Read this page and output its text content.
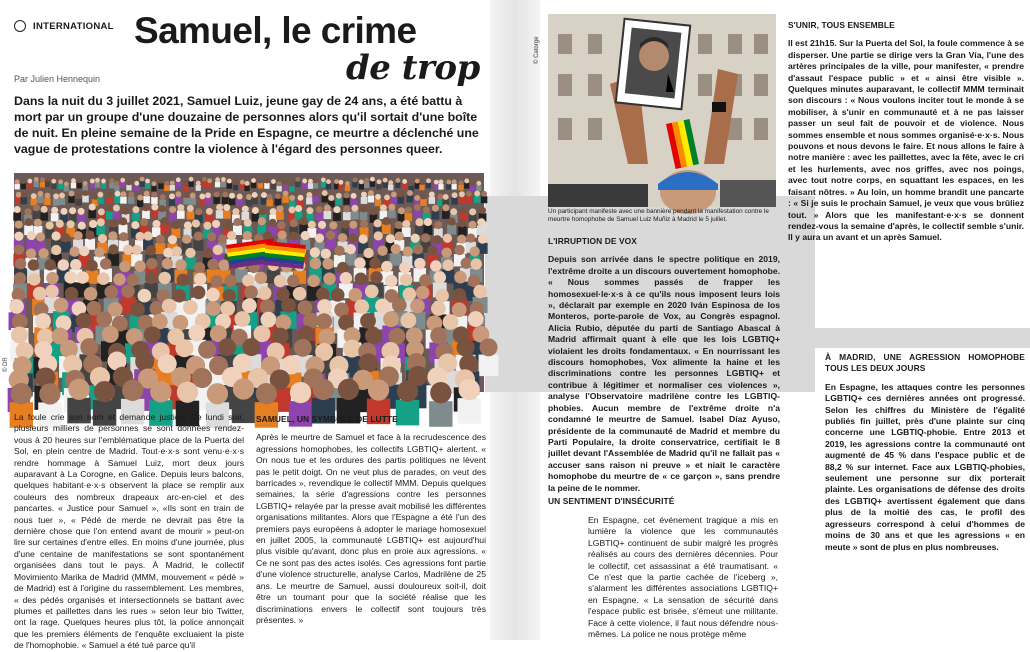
INTERNATIONAL Samuel, le crime
de trop
Par Julien Hennequin

Dans la nuit du 3 juillet 2021, Samuel Luiz, jeune gay de 24 ans, a été battu à mort par un groupe d'une douzaine de personnes alors qu'il sortait d'une boîte de nuit. En pleine semaine de la Pride en Espagne, ce meurtre a déclenché une vague de protestations contre la violence à l'égard des personnes queer.

© DR

La foule crie son nom et demande justice. Ce lundi soir, plusieurs milliers de personnes se sont données rendez-vous à 20 heures sur l'emblématique place de la Puerta del Sol, en plein centre de Madrid. Tout·e·x·s sont venu·e·x·s rendre hommage à Samuel Luiz, mort deux jours auparavant à La Corogne, en Galice. Depuis leurs balcons, quelques habitant·e·x·s observent la place se remplir aux couleurs des nombreux drapeaux arc-en-ciel et des pancartes. « Justice pour Samuel », «Ils sont en train de nous tuer », « Pédé de merde ne devrait pas être la dernière chose que l'on entend avant de mourir » peut-on lire sur certaines d'entre elles. En moins d'une journée, plus d'une centaine de manifestations se sont spontanément organisées dans tout le pays. À Madrid, le collectif Movimiento Marika de Madrid (MMM, mouvement « pédé » de Madrid) est à l'origine du rassemblement. Les membres, « des pédés organisés et intersectionnels se battant avec plumes et paillettes dans les rues » selon leur bio Twitter, ont la rage. Quelques heures plus tôt, la police annonçait que les premiers éléments de l'enquête excluaient la piste de l'homophobie. « Samuel a été tué parce qu'il

SAMUEL, UN SYMBOLE DE LUTTE

Après le meurtre de Samuel et face à la recrudescence des agressions homophobes, les collectifs LGBTIQ+ alertent. « On nous tue et les ordures des partis politiques ne lèvent pas le petit doigt. On ne veut plus de parades, on veut des barricades », revendique le collectif MMM. Depuis quelques semaines, la série d'agressions contre les personnes LGBTIQ+ relayée par la presse avait mobilisé les différentes organisations militantes. Alors que l'Espagne a été l'un des premiers pays européens à adopter le mariage homosexuel en juillet 2005, la communauté LGBTIQ+ est aujourd'hui plus visible qu'avant, donc plus en proie aux agressions. « Ce ne sont pas des actes isolés. Ces agressions font partie d'une violence structurelle, analyse Carlos, Madrilène de 25 ans. Le meurtre de Samuel, aussi douloureux soit-il, doit être un tournant pour que la société réalise que les discriminations envers le collectif sont toujours très présentes. »

© Catorge
Un participant manifeste avec une bannière pendant la manifestation contre le meurtre homophobe de Samuel Luiz Muñiz à Madrid le 5 juillet.
L'IRRUPTION DE VOX

Depuis son arrivée dans le spectre politique en 2019, l'extrême droite a un discours ouvertement homophobe. « Nous sommes passés de frapper les homosexuel·le·x·s à ce qu'ils nous imposent leurs lois », déclarait par exemple en 2020 Iván Espinosa de los Monteros, porte-parole de Vox, au Congrès espagnol. Alicia Rubio, députée du parti de Santiago Abascal à Madrid affirmait quant à elle que les lois LGBTIQ+ violaient les droits fondamentaux. « En nourrissant les discours homophobes, Vox alimente la haine et les discriminations contre les personnes LGBTIQ+ et contribue à légitimer et normaliser ces violences », analyse l'Observatoire madrilène contre les LGBTIQ-phobies. Aucun membre de l'extrême droite n'a condamné le meurtre de Samuel. Isabel Díaz Ayuso, présidente de la communauté de Madrid et membre du Parti Populaire, la droite conservatrice, certifiait le 8 juillet devant l'Assemblée de Madrid qu'il ne fallait pas « accuser sans raison ni preuve » et niait le caractère homophobe du meurtre de « ce garçon », sans prendre la peine de le nommer.

UN SENTIMENT D'INSÉCURITÉ

En Espagne, cet événement tragique a mis en lumière la violence que les communautés LGBTIQ+ continuent de subir malgré les progrès réalisés au cours des dernières décennies. Pour le collectif, cet assassinat a été traumatisant. « Ce n'est que la partie cachée de l'iceberg », s'alarment les différentes associations LGBTIQ+ en Espagne. « La sensation de sécurité dans l'espace public est brisée, s'émeut une militante. Face à cette violence, il faut nous défendre nous-mêmes. La police ne nous protège même

S'UNIR, TOUS ENSEMBLE

Il est 21h15. Sur la Puerta del Sol, la foule commence à se disperser. Une partie se dirige vers la Gran Vía, l'une des artères principales de la ville, pour manifester, « prendre d'assaut l'espace public » et « ainsi être visible ». Quelques minutes auparavant, le collectif MMM terminait son discours : « Nous voulons inciter tout le monde à se mobiliser, à s'unir en communauté et à ne pas laisser passer un seul fait de pouvoir et de violence. Nous sommes ensemble et nous sommes organisé·e·x·s. Nous pouvons et nous devons le faire. Et nous allons le faire à notre manière : avec les paillettes, avec la fête, avec le cri et les hurlements, avec nos griffes, avec nos poings, avec tout notre corps, en squattant les espaces, en les faisant nôtres. » Au loin, un homme brandit une pancarte : « Si je suis le prochain Samuel, je veux que vous brûliez tout. » Alors que les manifestant·e·x·s se donnent rendez-vous la semaine d'après, le collectif semble s'unir. Il y aura un avant et un après Samuel.

À MADRID, UNE AGRESSION HOMOPHOBE TOUS LES DEUX JOURS

En Espagne, les attaques contre les personnes LGBTIQ+ ces dernières années ont progressé. Selon les chiffres du Ministère de l'égalité publiés fin juillet, près d'une plainte sur cinq concerne une LGBTIQ-phobie. Entre 2013 et 2019, les agressions contre la communauté ont augmenté de 45 % dans l'espace public et de 88,2 % sur internet. Face aux LGBTIQ-phobies, seulement une personne sur dix porterait plainte. Les organisations de défense des droits des LGBTIQ+ avertissent également que dans plus de la moitié des cas, le profil des agresseurs correspond à celui d'hommes de moins de 30 ans et que les agressions « en meute » sont de plus en plus nombreuses.
